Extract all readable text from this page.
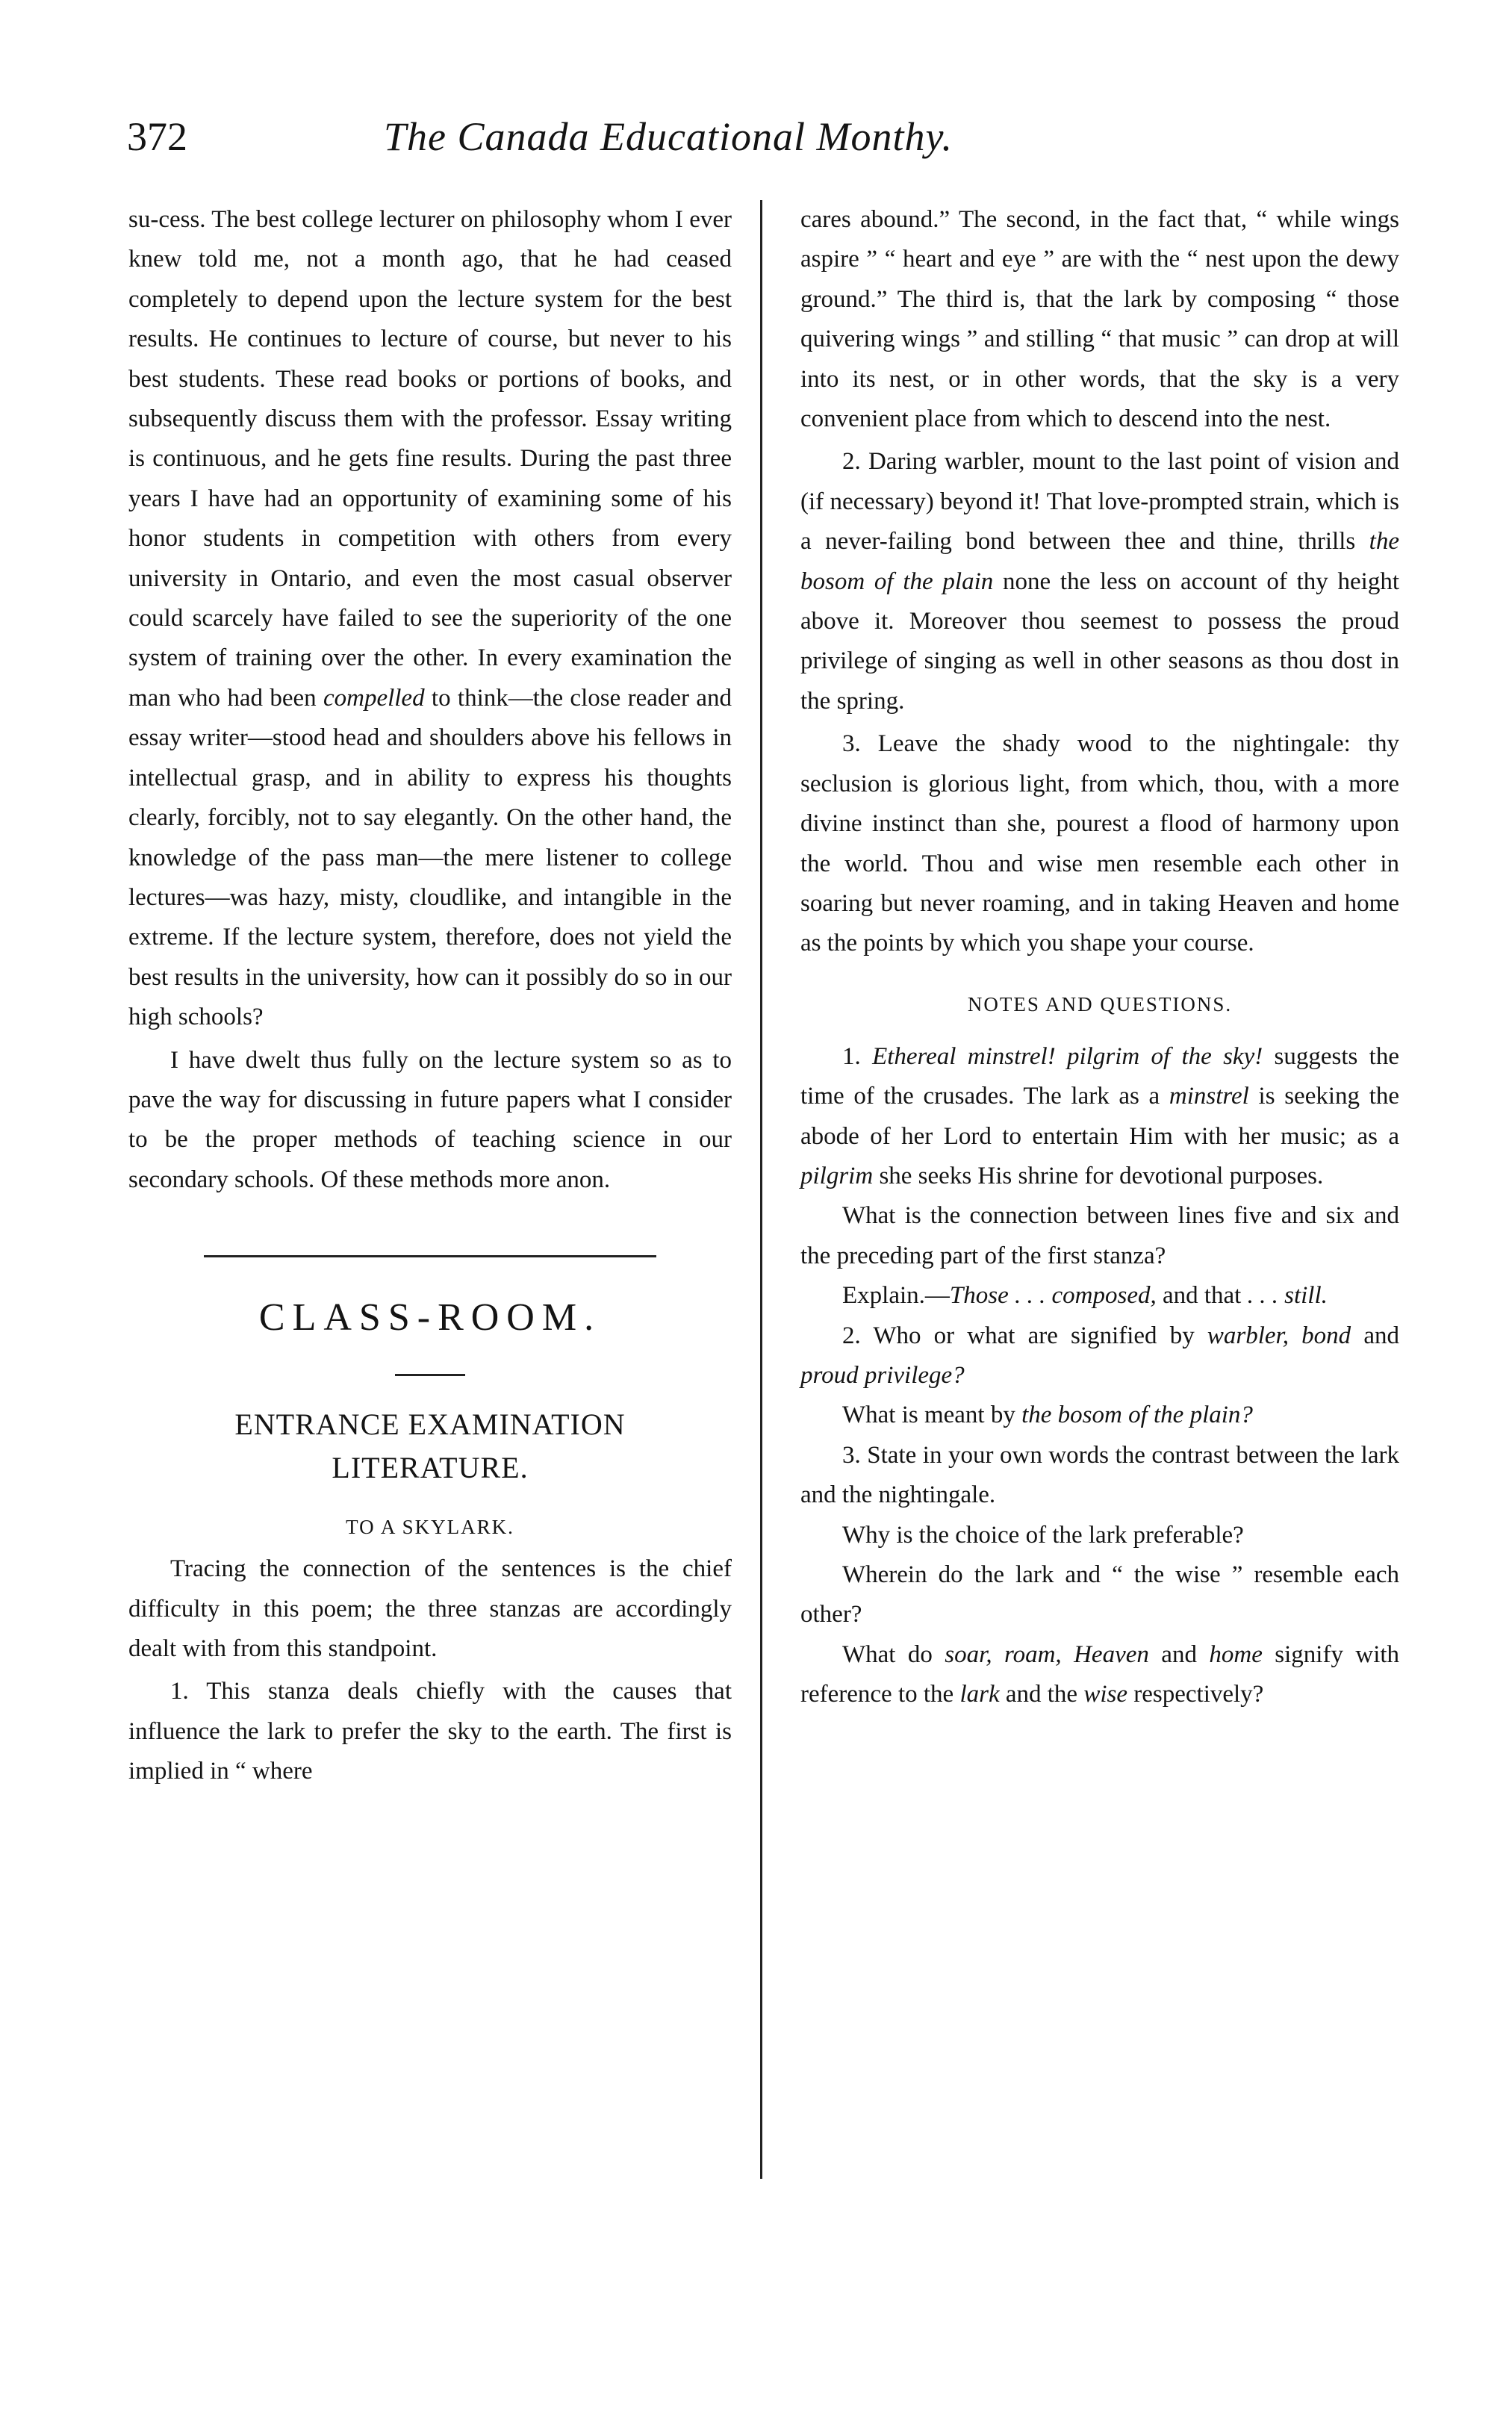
372	The Canada Educational Monthy.

su-cess. The best college lecturer on philosophy whom I ever knew told me, not a month ago, that he had ceased completely to depend upon the lecture system for the best results. He continues to lecture of course, but never to his best students. These read books or portions of books, and subsequently discuss them with the professor. Essay writing is continuous, and he gets fine results. During the past three years I have had an opportunity of examining some of his honor students in competition with others from every university in Ontario, and even the most casual observer could scarcely have failed to see the superiority of the one system of training over the other. In every examination the man who had been compelled to think—the close reader and essay writer—stood head and shoulders above his fellows in intellectual grasp, and in ability to express his thoughts clearly, forcibly, not to say elegantly. On the other hand, the knowledge of the pass man—the mere listener to college lectures—was hazy, misty, cloudlike, and intangible in the extreme. If the lecture system, therefore, does not yield the best results in the university, how can it possibly do so in our high schools?

I have dwelt thus fully on the lecture system so as to pave the way for discussing in future papers what I consider to be the proper methods of teaching science in our secondary schools. Of these methods more anon.

CLASS-ROOM.
ENTRANCE EXAMINATION
LITERATURE.
TO A SKYLARK.

Tracing the connection of the sentences is the chief difficulty in this poem; the three stanzas are accordingly dealt with from this standpoint.

1. This stanza deals chiefly with the causes that influence the lark to prefer the sky to the earth. The first is implied in “ where

cares abound.” The second, in the fact that, “ while wings aspire ” “ heart and eye ” are with the “ nest upon the dewy ground.” The third is, that the lark by composing “ those quivering wings ” and stilling “ that music ” can drop at will into its nest, or in other words, that the sky is a very convenient place from which to descend into the nest.

2. Daring warbler, mount to the last point of vision and (if necessary) beyond it! That love-prompted strain, which is a never-failing bond between thee and thine, thrills the bosom of the plain none the less on account of thy height above it. Moreover thou seemest to possess the proud privilege of singing as well in other seasons as thou dost in the spring.

3. Leave the shady wood to the nightingale: thy seclusion is glorious light, from which, thou, with a more divine instinct than she, pourest a flood of harmony upon the world. Thou and wise men resemble each other in soaring but never roaming, and in taking Heaven and home as the points by which you shape your course.

NOTES AND QUESTIONS.

1. Ethereal minstrel! pilgrim of the sky! suggests the time of the crusades. The lark as a minstrel is seeking the abode of her Lord to entertain Him with her music; as a pilgrim she seeks His shrine for devotional purposes.

What is the connection between lines five and six and the preceding part of the first stanza?

Explain.—Those . . . composed, and that . . . still.

2. Who or what are signified by warbler, bond and proud privilege?

What is meant by the bosom of the plain?

3. State in your own words the contrast between the lark and the nightingale.

Why is the choice of the lark preferable?

Wherein do the lark and “ the wise ” resemble each other?

What do soar, roam, Heaven and home signify with reference to the lark and the wise respectively?
